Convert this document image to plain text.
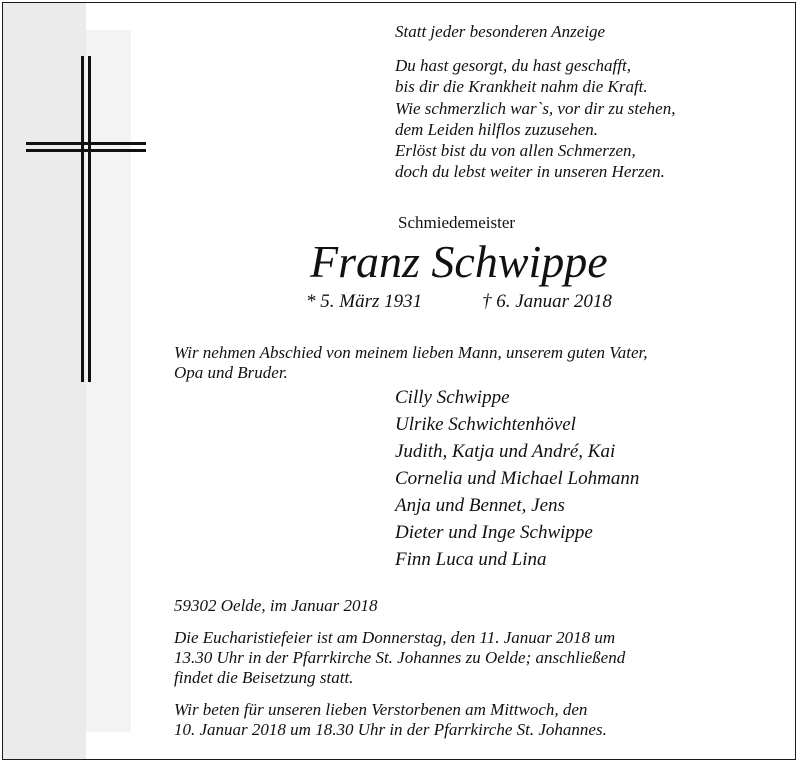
Statt jeder besonderen Anzeige
Du hast gesorgt, du hast geschafft,
bis dir die Krankheit nahm die Kraft.
Wie schmerzlich war`s, vor dir zu stehen,
dem Leiden hilflos zuzusehen.
Erlöst bist du von allen Schmerzen,
doch du lebst weiter in unseren Herzen.
Schmiedemeister
Franz Schwippe
* 5. März 1931	† 6. Januar 2018
Wir nehmen Abschied von meinem lieben Mann, unserem guten Vater,
Opa und Bruder.
Cilly Schwippe
Ulrike Schwichtenhövel
Judith, Katja und André, Kai
Cornelia und Michael Lohmann
Anja und Bennet, Jens
Dieter und Inge Schwippe
Finn Luca und Lina
59302 Oelde, im Januar 2018
Die Eucharistiefeier ist am Donnerstag, den 11. Januar 2018 um
13.30 Uhr in der Pfarrkirche St. Johannes zu Oelde; anschließend
findet die Beisetzung statt.
Wir beten für unseren lieben Verstorbenen am Mittwoch, den
10. Januar 2018 um 18.30 Uhr in der Pfarrkirche St. Johannes.
